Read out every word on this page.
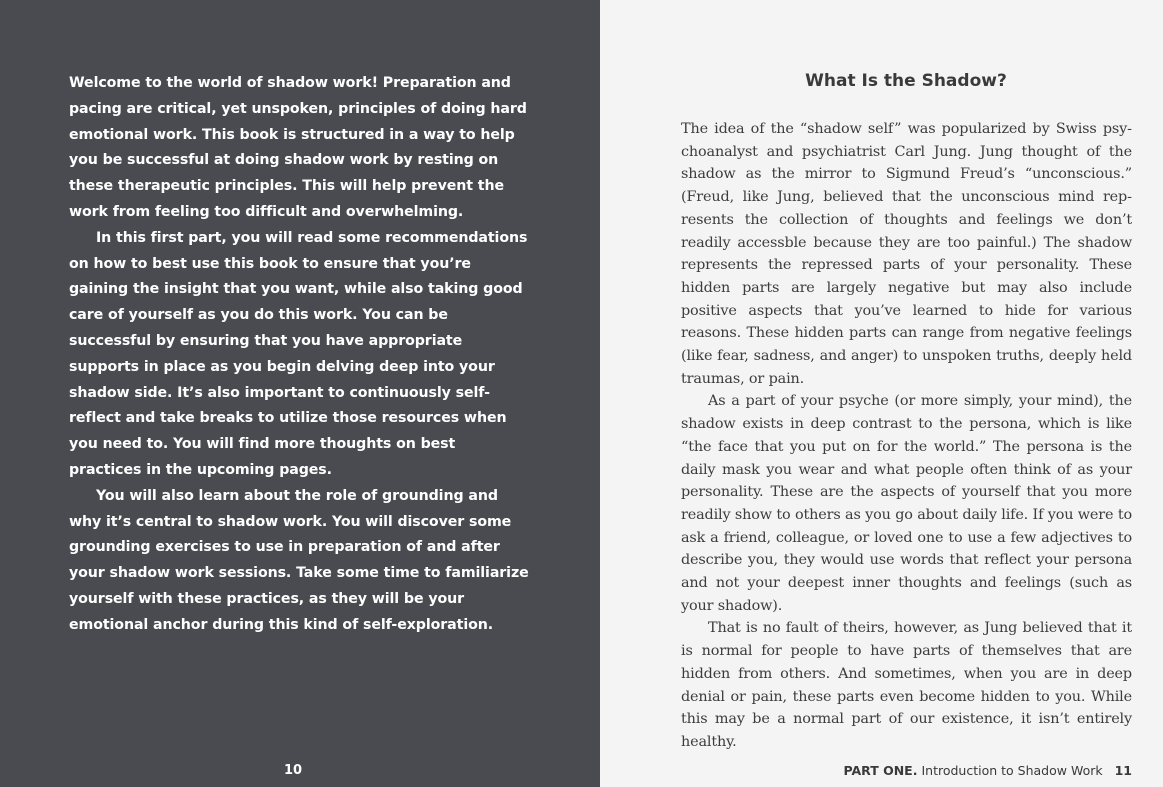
Welcome to the world of shadow work! Preparation and pacing are critical, yet unspoken, principles of doing hard emotional work. This book is structured in a way to help you be successful at doing shadow work by resting on these therapeutic principles. This will help prevent the work from feeling too difficult and overwhelming.

In this first part, you will read some recommendations on how to best use this book to ensure that you’re gaining the insight that you want, while also taking good care of yourself as you do this work. You can be successful by ensuring that you have appropriate supports in place as you begin delving deep into your shadow side. It’s also important to continuously self-reflect and take breaks to utilize those resources when you need to. You will find more thoughts on best practices in the upcoming pages.

You will also learn about the role of grounding and why it’s central to shadow work. You will discover some grounding exercises to use in preparation of and after your shadow work sessions. Take some time to familiarize yourself with these practices, as they will be your emotional anchor during this kind of self-exploration.

10
What Is the Shadow?

The idea of the “shadow self” was popularized by Swiss psychoanalyst and psychiatrist Carl Jung. Jung thought of the shadow as the mirror to Sigmund Freud’s “unconscious.” (Freud, like Jung, believed that the unconscious mind represents the collection of thoughts and feelings we don’t readily accessble because they are too painful.) The shadow represents the repressed parts of your personality. These hidden parts are largely negative but may also include positive aspects that you’ve learned to hide for various reasons. These hidden parts can range from negative feelings (like fear, sadness, and anger) to unspoken truths, deeply held traumas, or pain.

As a part of your psyche (or more simply, your mind), the shadow exists in deep contrast to the persona, which is like “the face that you put on for the world.” The persona is the daily mask you wear and what people often think of as your personality. These are the aspects of yourself that you more readily show to others as you go about daily life. If you were to ask a friend, colleague, or loved one to use a few adjectives to describe you, they would use words that reflect your persona and not your deepest inner thoughts and feelings (such as your shadow).

That is no fault of theirs, however, as Jung believed that it is normal for people to have parts of themselves that are hidden from others. And sometimes, when you are in deep denial or pain, these parts even become hidden to you. While this may be a normal part of our existence, it isn’t entirely healthy.

PART ONE. Introduction to Shadow Work 11
